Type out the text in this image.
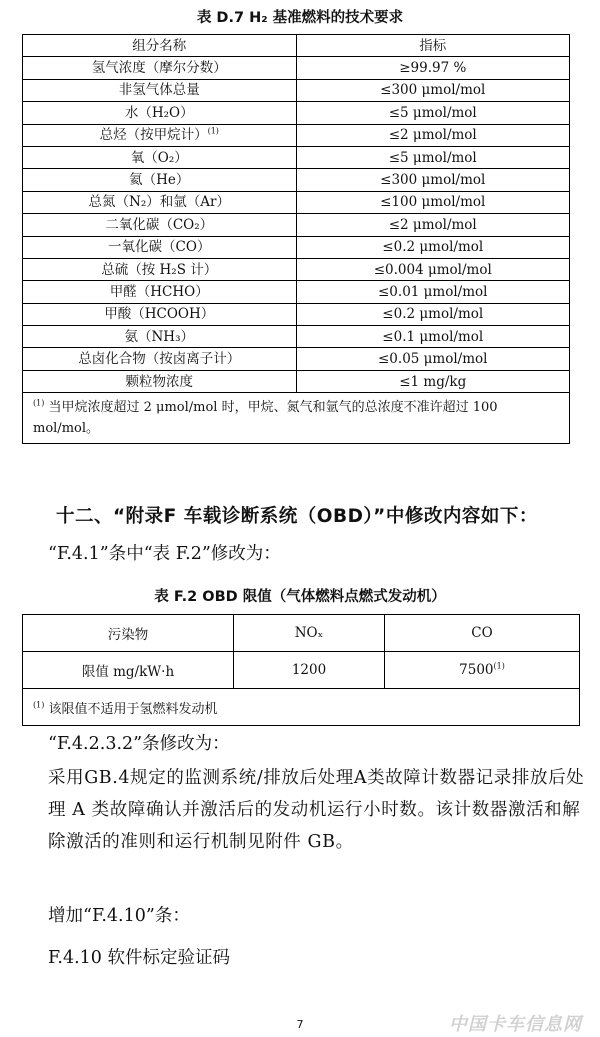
表 D.7 H₂ 基准燃料的技术要求
组分名称	指标
氢气浓度（摩尔分数）	≥99.97 %
非氢气体总量	≤300 μmol/mol
水（H₂O）	≤5 μmol/mol
总烃（按甲烷计）$^{(1)}$	≤2 μmol/mol
氧（O₂）	≤5 μmol/mol
氦（He）	≤300 μmol/mol
总氮（N₂）和氩（Ar）	≤100 μmol/mol
二氧化碳（CO₂）	≤2 μmol/mol
一氧化碳（CO）	≤0.2 μmol/mol
总硫（按 H₂S 计）	≤0.004 μmol/mol
甲醛（HCHO）	≤0.01 μmol/mol
甲酸（HCOOH）	≤0.2 μmol/mol
氨（NH₃）	≤0.1 μmol/mol
总卤化合物（按卤离子计）	≤0.05 μmol/mol
颗粒物浓度	≤1 mg/kg
$^{(1)}$ 当甲烷浓度超过 2 μmol/mol 时，甲烷、氮气和氩气的总浓度不准许超过 100 mol/mol。	
十二、“附录F 车载诊断系统（OBD）”中修改内容如下：
“F.4.1”条中“表 F.2”修改为：
表 F.2 OBD 限值（气体燃料点燃式发动机）
污染物	NOₓ	CO
限值 mg/kW·h	1200	7500$^{(1)}$
$^{(1)}$ 该限值不适用于氢燃料发动机		
“F.4.2.3.2”条修改为：
采用GB.4规定的监测系统/排放后处理A类故障计数器记录排放后处理 A 类故障确认并激活后的发动机运行小时数。该计数器激活和解除激活的准则和运行机制见附件 GB。
增加“F.4.10”条：
F.4.10 软件标定验证码
7	中国卡车信息网
